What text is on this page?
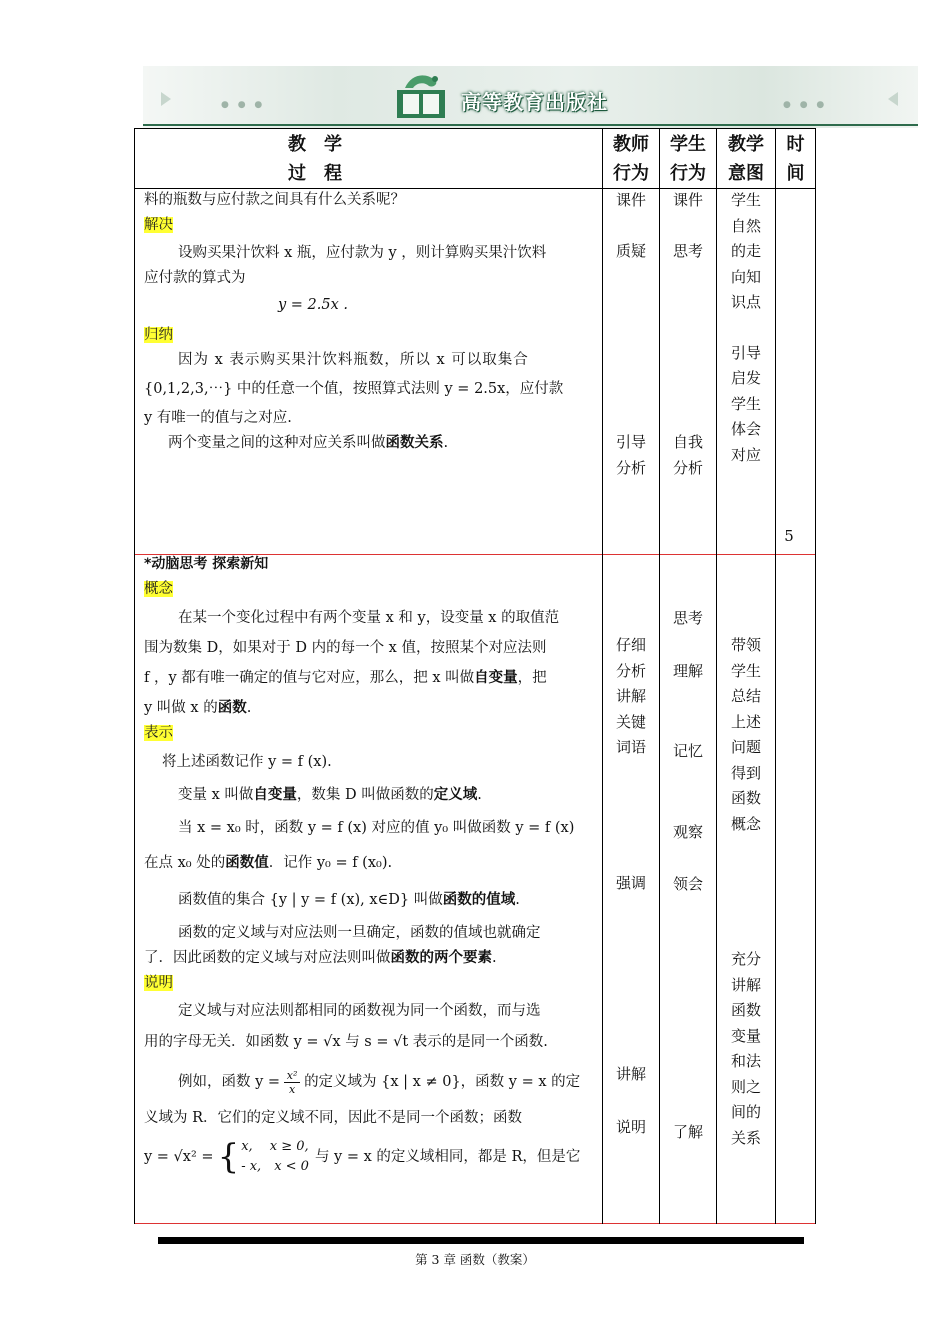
● ● ●	高等教育出版社	● ● ●
教　学
过　程
教师
行为
学生
行为
教学
意图
时
间
料的瓶数与应付款之间具有什么关系呢？
解决
设购买果汁饮料 x 瓶，应付款为 y ，则计算购买果汁饮料
应付款的算式为
y = 2.5x .
归纳
因为 x 表示购买果汁饮料瓶数，所以 x 可以取集合
{0,1,2,3,⋯} 中的任意一个值，按照算式法则 y = 2.5x，应付款
y 有唯一的值与之对应.
两个变量之间的这种对应关系叫做函数关系.
课件
质疑
引导
分析
课件
思考
自我
分析
学生
自然
的走
向知
识点
引导
启发
学生
体会
对应
5
*动脑思考 探索新知
概念
在某一个变化过程中有两个变量 x 和 y，设变量 x 的取值范
围为数集 D，如果对于 D 内的每一个 x 值，按照某个对应法则
f ，y 都有唯一确定的值与它对应，那么，把 x 叫做自变量，把
y 叫做 x 的函数.
表示
将上述函数记作 y = f (x).
变量 x 叫做自变量，数集 D 叫做函数的定义域.
当 x = x₀ 时，函数 y = f (x) 对应的值 y₀ 叫做函数 y = f (x)
在点 x₀ 处的函数值．记作 y₀ = f (x₀).
函数值的集合 {y | y = f (x), x∈D} 叫做函数的值域.
函数的定义域与对应法则一旦确定，函数的值域也就确定
了．因此函数的定义域与对应法则叫做函数的两个要素.
说明
定义域与对应法则都相同的函数视为同一个函数，而与选
用的字母无关．如函数 y = √x 与 s = √t 表示的是同一个函数.
例如，函数 y = x²
x 的定义域为 {x | x ≠ 0}，函数 y = x 的定
义域为 R．它们的定义域不同，因此不是同一个函数；函数
y = √x² = { x,　 x ≥ 0,
- x,　x < 0
与 y = x 的定义域相同，都是 R，但是它
仔细
分析
讲解
关键
词语
强调
讲解
说明
思考
理解
记忆
观察
领会
了解
带领
学生
总结
上述
问题
得到
函数
概念
充分
讲解
函数
变量
和法
则之
间的
关系
第 3 章 函数（教案）
